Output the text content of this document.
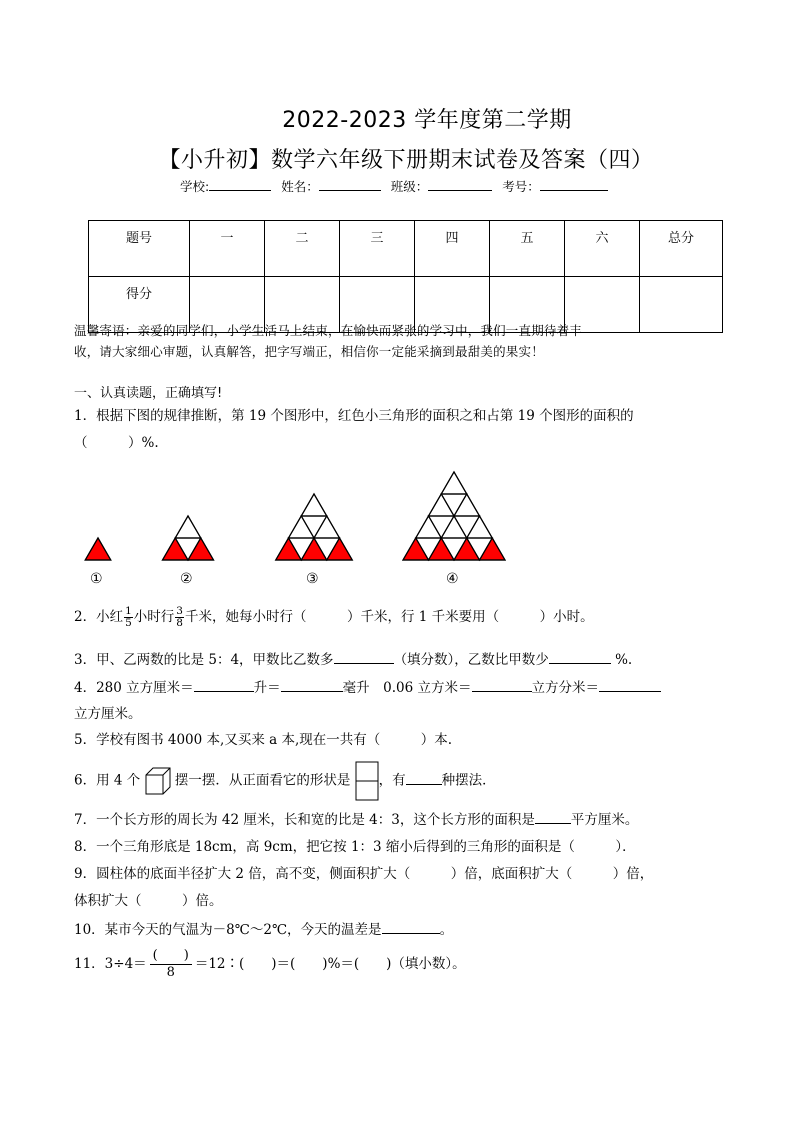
2022-2023 学年度第二学期
【小升初】数学六年级下册期末试卷及答案（四）
学校:	姓名：	班级：	考号：
题号	一	二	三	四	五	六	总分
得分							
温馨寄语：亲爱的同学们，小学生活马上结束，在愉快而紧张的学习中，我们一直期待着丰
收，请大家细心审题，认真解答，把字写端正，相信你一定能采摘到最甜美的果实！
一、认真读题，正确填写!
1．根据下图的规律推断，第 19 个图形中，红色小三角形的面积之和占第 19 个图形的面积的
（　　　）%.
①	②	③	④
2．小红 $\frac{1}{5}$ 小时行 $\frac{3}{8}$ 千米，她每小时行（　　　）千米，行 1 千米要用（　　　）小时。
3．甲、乙两数的比是 5：4，甲数比乙数多	（填分数），乙数比甲数少	%.
4．280 立方厘米＝	升＝	毫升　0.06 立方米＝	立方分米＝
立方厘米。
5．学校有图书 4000 本,又买来 a 本,现在一共有（　　　）本.
6．用 4 个	摆一摆．从正面看它的形状是 ，有	种摆法．
7．一个长方形的周长为 42 厘米，长和宽的比是 4：3，这个长方形的面积是	平方厘米。
8．一个三角形底是 18cm，高 9cm，把它按 1：3 缩小后得到的三角形的面积是（　　　）．
9．圆柱体的底面半径扩大 2 倍，高不变，侧面积扩大（　　　）倍，底面积扩大（　　　）倍，
体积扩大（　　　）倍。
10．某市今天的气温为－8℃～2℃，今天的温差是	。
11．3÷4＝
(　　)
8
＝12∶(　　)＝(　　)%＝(　　)（填小数）。
